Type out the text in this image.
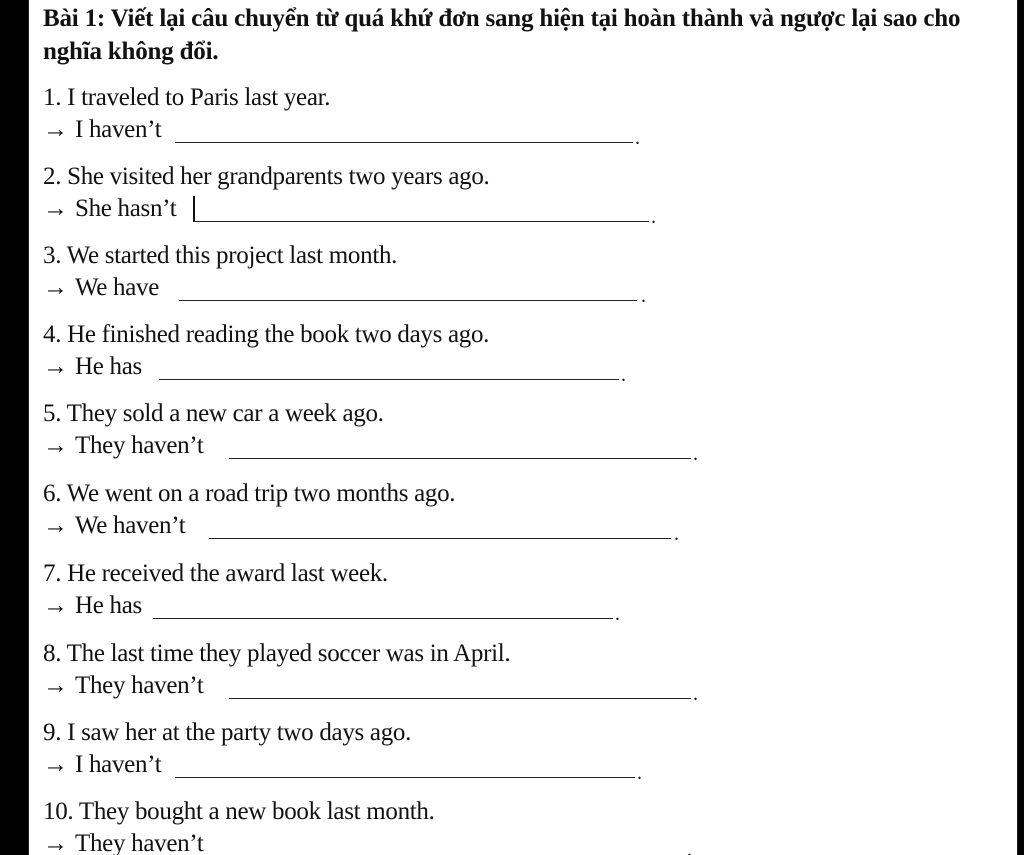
Bài 1: Viết lại câu chuyển từ quá khứ đơn sang hiện tại hoàn thành và ngược lại sao cho nghĩa không đổi.
1. I traveled to Paris last year.
→ I haven’t	.
2. She visited her grandparents two years ago.
→ She hasn’t	.
3. We started this project last month.
→ We have	.
4. He finished reading the book two days ago.
→ He has	.
5. They sold a new car a week ago.
→ They haven’t	.
6. We went on a road trip two months ago.
→ We haven’t	.
7. He received the award last week.
→ He has	.
8. The last time they played soccer was in April.
→ They haven’t	.
9. I saw her at the party two days ago.
→ I haven’t	.
10. They bought a new book last month.
→ They haven’t	.
